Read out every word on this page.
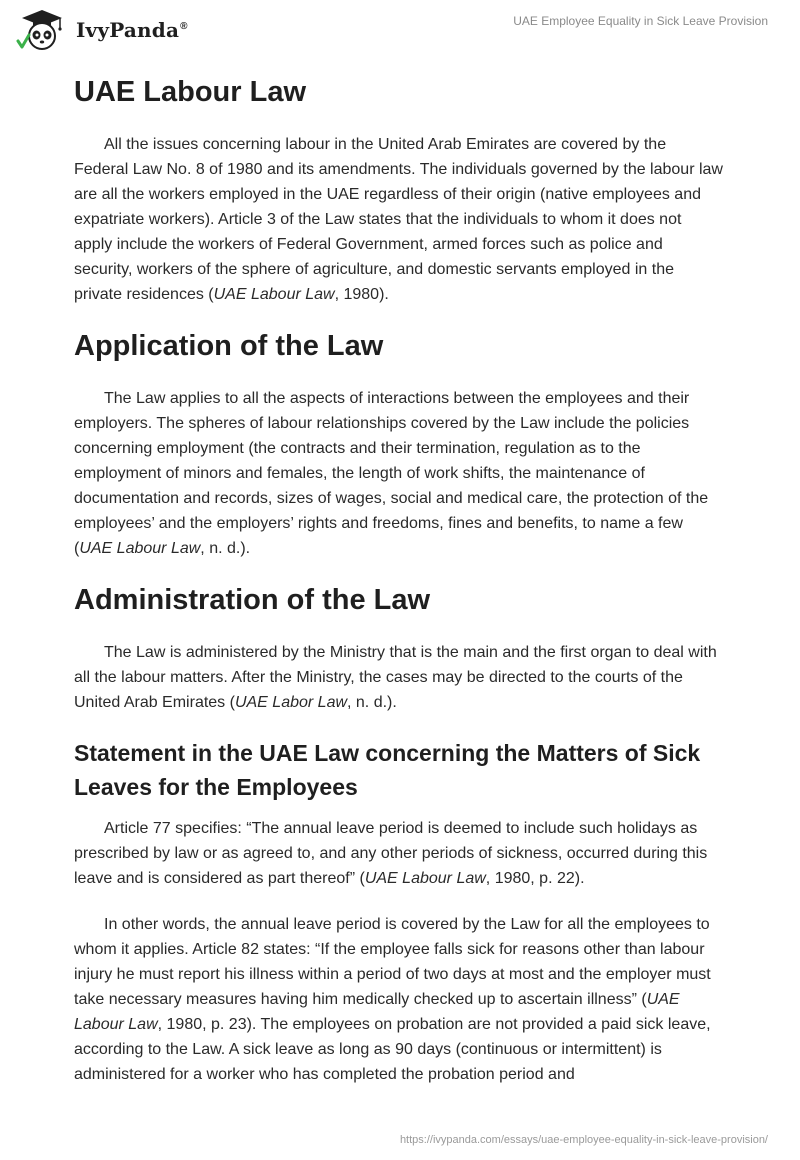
IvyPanda®	UAE Employee Equality in Sick Leave Provision
UAE Labour Law

All the issues concerning labour in the United Arab Emirates are covered by the Federal Law No. 8 of 1980 and its amendments. The individuals governed by the labour law are all the workers employed in the UAE regardless of their origin (native employees and expatriate workers). Article 3 of the Law states that the individuals to whom it does not apply include the workers of Federal Government, armed forces such as police and security, workers of the sphere of agriculture, and domestic servants employed in the private residences (UAE Labour Law, 1980).

Application of the Law

The Law applies to all the aspects of interactions between the employees and their employers. The spheres of labour relationships covered by the Law include the policies concerning employment (the contracts and their termination, regulation as to the employment of minors and females, the length of work shifts, the maintenance of documentation and records, sizes of wages, social and medical care, the protection of the employees’ and the employers’ rights and freedoms, fines and benefits, to name a few (UAE Labour Law, n. d.).

Administration of the Law

The Law is administered by the Ministry that is the main and the first organ to deal with all the labour matters. After the Ministry, the cases may be directed to the courts of the United Arab Emirates (UAE Labor Law, n. d.).

Statement in the UAE Law concerning the Matters of Sick Leaves for the Employees

Article 77 specifies: “The annual leave period is deemed to include such holidays as prescribed by law or as agreed to, and any other periods of sickness, occurred during this leave and is considered as part thereof” (UAE Labour Law, 1980, p. 22).

In other words, the annual leave period is covered by the Law for all the employees to whom it applies. Article 82 states: “If the employee falls sick for reasons other than labour injury he must report his illness within a period of two days at most and the employer must take necessary measures having him medically checked up to ascertain illness” (UAE Labour Law, 1980, p. 23). The employees on probation are not provided a paid sick leave, according to the Law. A sick leave as long as 90 days (continuous or intermittent) is administered for a worker who has completed the probation period and

https://ivypanda.com/essays/uae-employee-equality-in-sick-leave-provision/
